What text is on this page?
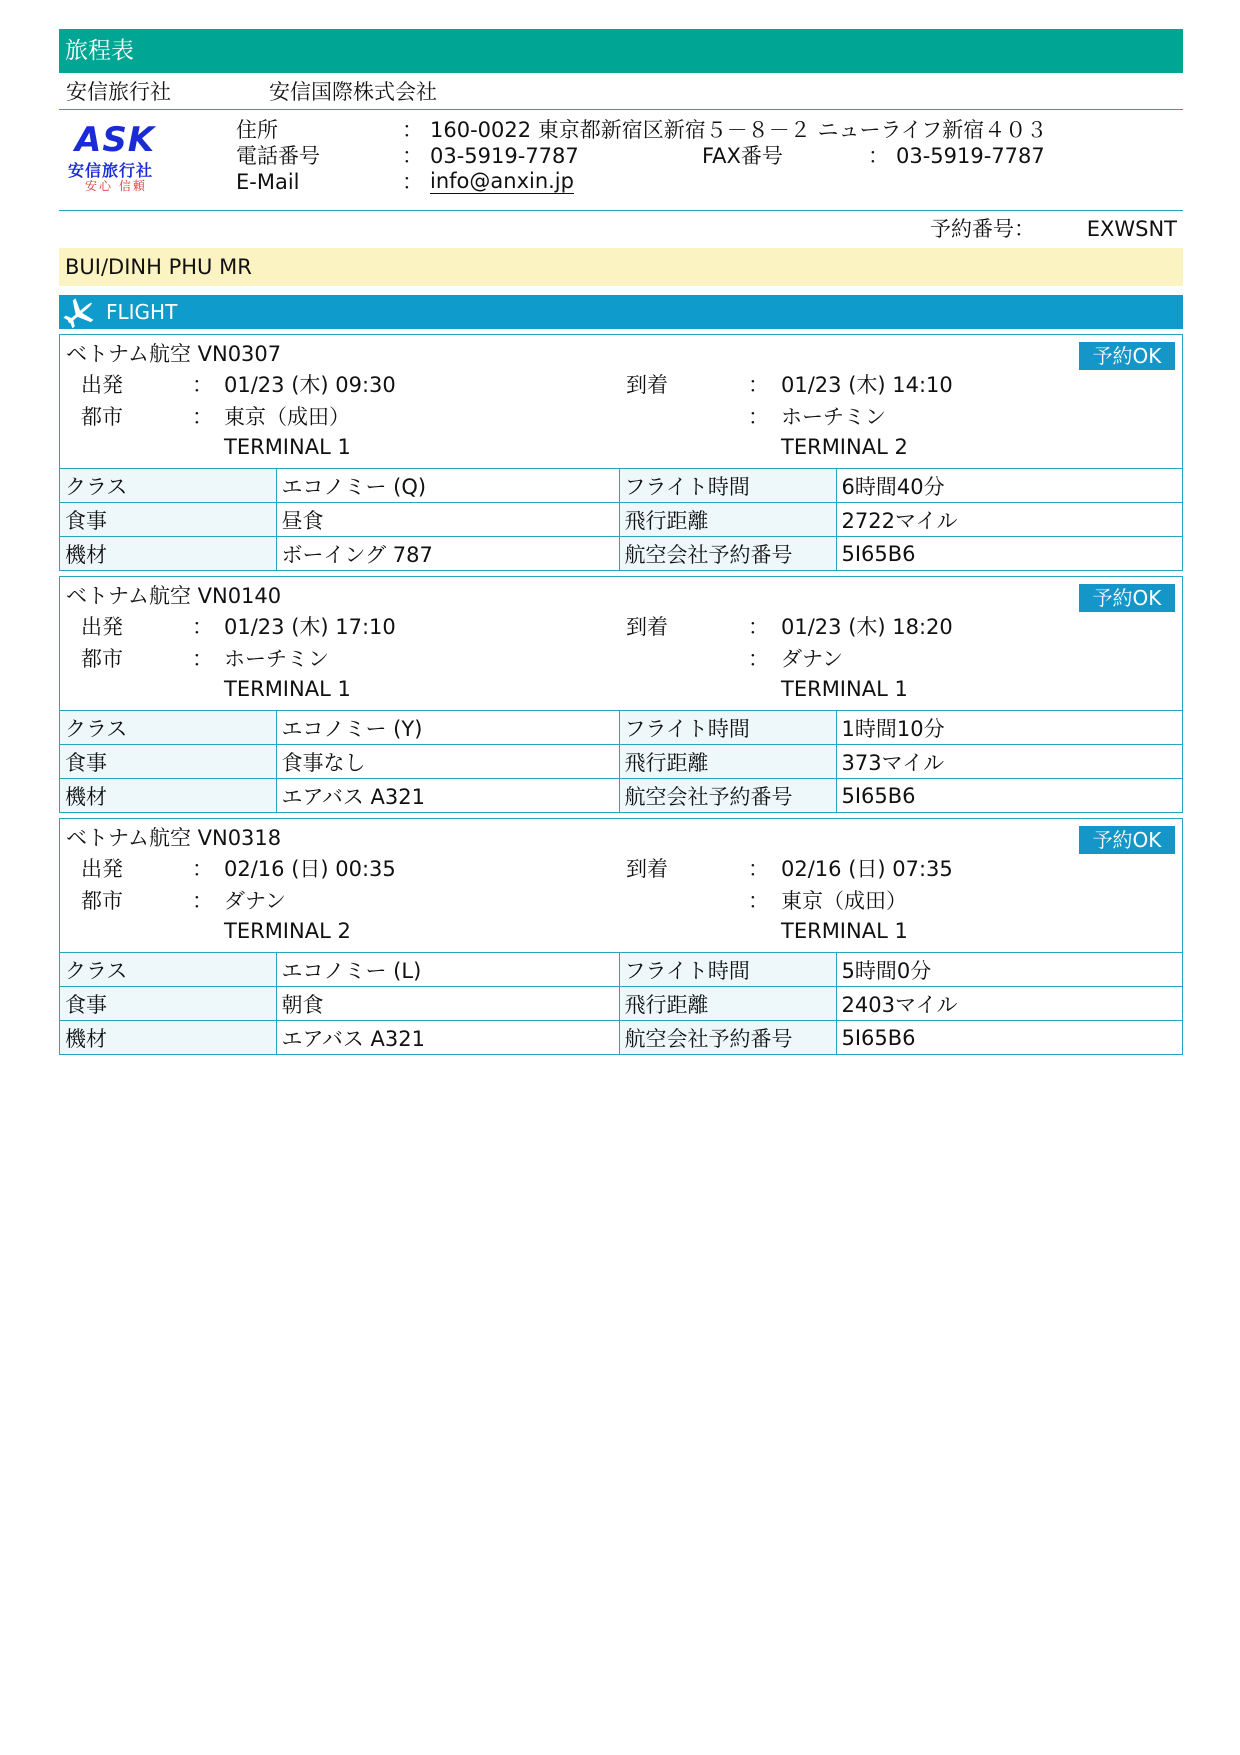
旅程表
安信旅行社	安信国際株式会社
ASK
安信旅行社
安心 信頼
住所	： 160-0022 東京都新宿区新宿５－８－２ ニューライフ新宿４０３
電話番号	： 03-5919-7787	FAX番号	： 03-5919-7787
E-Mail	： info@anxin.jp
予約番号： EXWSNT
BUI/DINH PHU MR
FLIGHT
ベトナム航空 VN0307	予約OK
出発	： 01/23 (木) 09:30	到着	： 01/23 (木) 14:10
都市	： 東京（成田）	： ホーチミン
TERMINAL 1	TERMINAL 2
クラス	エコノミー (Q)	フライト時間	6時間40分
食事	昼食	飛行距離	2722マイル
機材	ボーイング 787	航空会社予約番号	5I65B6
ベトナム航空 VN0140	予約OK
出発	： 01/23 (木) 17:10	到着	： 01/23 (木) 18:20
都市	： ホーチミン	： ダナン
TERMINAL 1	TERMINAL 1
クラス	エコノミー (Y)	フライト時間	1時間10分
食事	食事なし	飛行距離	373マイル
機材	エアバス A321	航空会社予約番号	5I65B6
ベトナム航空 VN0318	予約OK
出発	： 02/16 (日) 00:35	到着	： 02/16 (日) 07:35
都市	： ダナン	： 東京（成田）
TERMINAL 2	TERMINAL 1
クラス	エコノミー (L)	フライト時間	5時間0分
食事	朝食	飛行距離	2403マイル
機材	エアバス A321	航空会社予約番号	5I65B6
